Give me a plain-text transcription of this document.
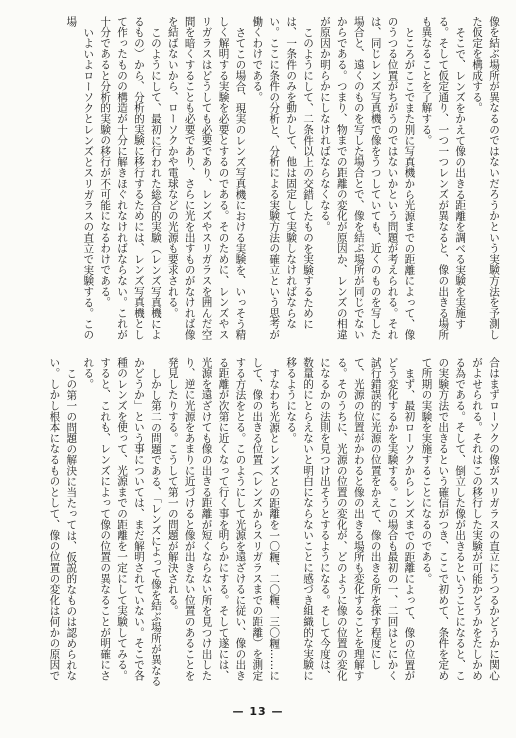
像を結ぶ場所が異なるのではないだろうかという実験方法を予測した仮定を構成する。

そこで、レンズをかえて像の出きる距離を調べる実験を実施する。そして仮定通り、一つ一つレンズが異なると、像の出きる場所も異なることを了解する。

ところがここでまた別に写真機から光源までの距離によって、像のうつる位置がちがうのではないかという問題が考えられる。それは、同じレンズ写真機で像をうつしていても、近くのものを写した場合と、遠くのものを写した場合とで、像を結ぶ場所が同じでないからである。つまり、物までの距離の変化が原因か、レンズの相違が原因か明らかにしなければならなくなる。

このようにして、二条件以上の交錯したものを実験するためには、一条件のみを動かして、他は固定して実験しなければならない。ここに条件の分析と、分析による実験方法の確立という思考が働くわけである。

さてこの場合、現実のレンズ写真機における実験を、いっそう精しく解明する実験を必要とするのである。そのために、レンズやスリガラスはどうしても必要であり、レンズやスリガラスを囲んだ空間を暗くすることも必要であり、さらに光を出すものがなければ像を結ばないから、ローソクかや電球などの光源も要求される。

このようにして、最初に行われた総合的実験（レンズ写真機によるもの）から、分析的実験に移行するためには、レンズ写真機として作ったものの構造が十分に解きほぐれなければならない。これが十分であると分析的実験の移行が不可能になるわけである。

いよいよローソクとレンズとスリガラスの直立で実験する。この場

合はまずローソクの像がスリガラスの直立にうつるかどうかに関心がよせられる。それはこの移行した実験が可能かどうかをたしかめる為である。そして、倒立した像が出きるということになると、この実験方法で出きるという確信がつき、ここで初めて、条件を定めて所期の実験を実施することになるのである。

まず、最初ローソクからレンズまでの距離によって、像の位置がどう変化するかを実験する。この場合も最初の一、二回はとにかく試行錯誤的に光源の位置をかえて、像の出きる所を探す程度にして、光源の位置がかわると像の出きる場所も変化することを理解する。そのうちに、光源の位置の変化が、どのように像の位置の変化になるかの法則を見つけ出そうとするようになる。そして今度は、数量的にとらえないと明白にならないことに感づき組織的な実験に移るようになる。

すなわち光源とレンズとの距離を一〇糎、二〇糎、三〇糎……にして、像の出きる位置（レンズからスリガラスまでの距離）を測定する方法をとる。このようにして光源を遠ざけるに従い、像の出きる距離が次第に近くなって行く事を明らかにする。そして遂には、光源を遠ざけても像の出きる距離が短くならない所を見つけ出したり、逆に光源をあまりに近づけると像が出きない位置のあることを発見したりする。こうして第一の問題が解決される。

しかし第二の問題である、「レンズによって像を結ぶ場所が異なるかどうか」という事については、まだ解明されていない。そこで各種のレンズを使って、光源までの距離を一定にして実験してみる。すると、これも、レンズによって像の位置の異なることが明確にされる。

この第一の問題の解決に当たっては、仮説的なものは認められない。しかし根本になるものとして、像の位置の変化は何かの原因で

— 13 —
